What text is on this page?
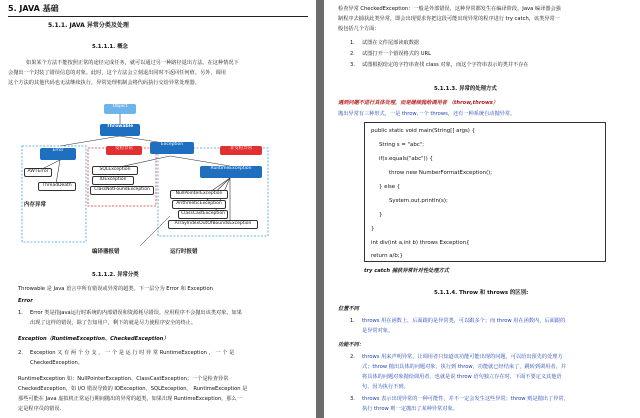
5. JAVA 基础
5.1.1. JAVA 异常分类及处理
5.1.1.1. 概念
如果某个方法不能按照正常的途径完成任务，就可以通过另一种路径退出方法。在这种情况下
会抛出一个封装了错误信息的对象。此时，这个方法会立刻退出同时不返回任何值。另外，调用
这个方法的其他代码也无法继续执行，异常处理机制会将代码执行交给异常处理器。
Object
Throwable
Error
Exception
受检异常	非受检异常
AWTError
ThreadDeath
SQLException
IOException
ClassNotFoundException
RuntimeException
NullPointerException
ArithmeticException
ClassCastException
ArrayIndexOutOfBoundsException
内存异常
编译器报错	运行时报错
5.1.1.2. 异常分类
Throwable 是 Java 语言中所有错误或异常的超类。下一层分为 Error 和 Exception
Error
1. Error 类是指java运行时系统的内部错误和资源耗尽错误。应用程序不会抛出该类对象。如果
出现了这样的错误，除了告知用户，剩下的就是尽力使程序安全的终止。
Exception（RuntimeException、CheckedException）
2. Exception 又 有 两 个 分 支 ， 一 个 是 运 行 时 异 常 RuntimeException ， 一 个 是
CheckedException。
RuntimeException 如：NullPointerException、ClassCastException；一个是检查异常
CheckedException，如 I/O 错误导致的 IOException、SQLException。 RuntimeException 是
那些可能在 Java 虚拟机正常运行期间抛出的异常的超类。如果出现 RuntimeException，那么一
定是程序员的错误.
检查异常 CheckedException：一般是外部错误，这种异常都发生在编译阶段，Java 编译器会强
制程序去捕获此类异常，即会出现要求你把这段可能出现异常的程序进行 try catch，该类异常一
般包括几个方面：
1. 试图在文件尾部读取数据
2. 试图打开一个错误格式的 URL
3. 试图根据给定的字符串查找 class 对象，而这个字符串表示的类并不存在
5.1.1.3. 异常的处理方式
遇到问题不进行具体处理，而是继续抛给调用者 （throw,throws）
抛出异常有三种形式，一是 throw,一个 throws，还有一种系统自动抛异常。
public static void main(String[] args) {
String s = "abc";
if(s.equals("abc")) {
throw new NumberFormatException();
} else {
System.out.println(s);
}
}
int div(int a,int b) throws Exception{
return a/b;}
try catch 捕获异常针对性处理方式
5.1.1.4. Throw 和 throws 的区别:
位置不同
1. throws 用在函数上，后面跟的是异常类，可以跟多个；而 throw 用在函数内，后面跟的
是异常对象。
功能不同：
2. throws 用来声明异常，让调用者只知道该功能可能出现的问题，可以给出预先的处理方
式；throw 抛出具体的问题对象，执行到 throw，功能就已经结束了，跳转到调用者，并
将具体的问题对象抛给调用者。也就是说 throw 语句独立存在时，下面不要定义其他语
句，因为执行不到。
3. throws 表示出现异常的一种可能性，并不一定会发生这些异常；throw 则是抛出了异常，
执行 throw 则一定抛出了某种异常对象。
